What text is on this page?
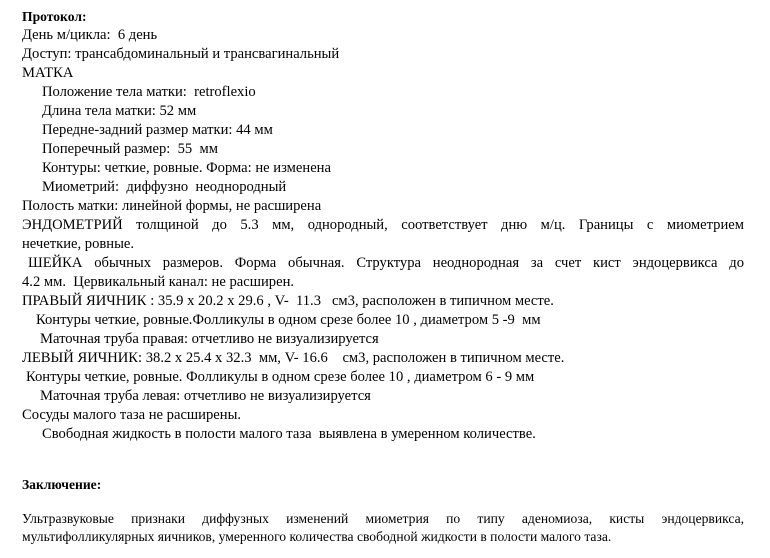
Протокол:
День м/цикла:  6 день
Доступ: трансабдоминальный и трансвагинальный
МАТКА
Положение тела матки:  retroflexio
Длина тела матки: 52 мм
Передне-задний размер матки: 44 мм
Поперечный размер:  55  мм
Контуры: четкие, ровные. Форма: не изменена
Миометрий:  диффузно  неоднородный
Полость матки: линейной формы, не расширена
ЭНДОМЕТРИЙ толщиной до 5.3 мм, однородный, соответствует дню м/ц. Границы с миометрием
нечеткие, ровные.
ШЕЙКА обычных размеров. Форма обычная. Структура неоднородная за счет кист эндоцервикса до
4.2 мм.  Цервикальный канал: не расширен.
ПРАВЫЙ ЯИЧНИК : 35.9 х 20.2 х 29.6 , V-  11.3   см3, расположен в типичном месте.
Контуры четкие, ровные.Фолликулы в одном срезе более 10 , диаметром 5 -9  мм
Маточная труба правая: отчетливо не визуализируется
ЛЕВЫЙ ЯИЧНИК: 38.2 х 25.4 х 32.3  мм, V- 16.6    см3, расположен в типичном месте.
Контуры четкие, ровные. Фолликулы в одном срезе более 10 , диаметром 6 - 9 мм
Маточная труба левая: отчетливо не визуализируется
Сосуды малого таза не расширены.
Свободная жидкость в полости малого таза  выявлена в умеренном количестве.
Заключение:
Ультразвуковые признаки диффузных изменений миометрия по типу аденомиоза, кисты эндоцервикса,
мультифолликулярных яичников, умеренного количества свободной жидкости в полости малого таза.
